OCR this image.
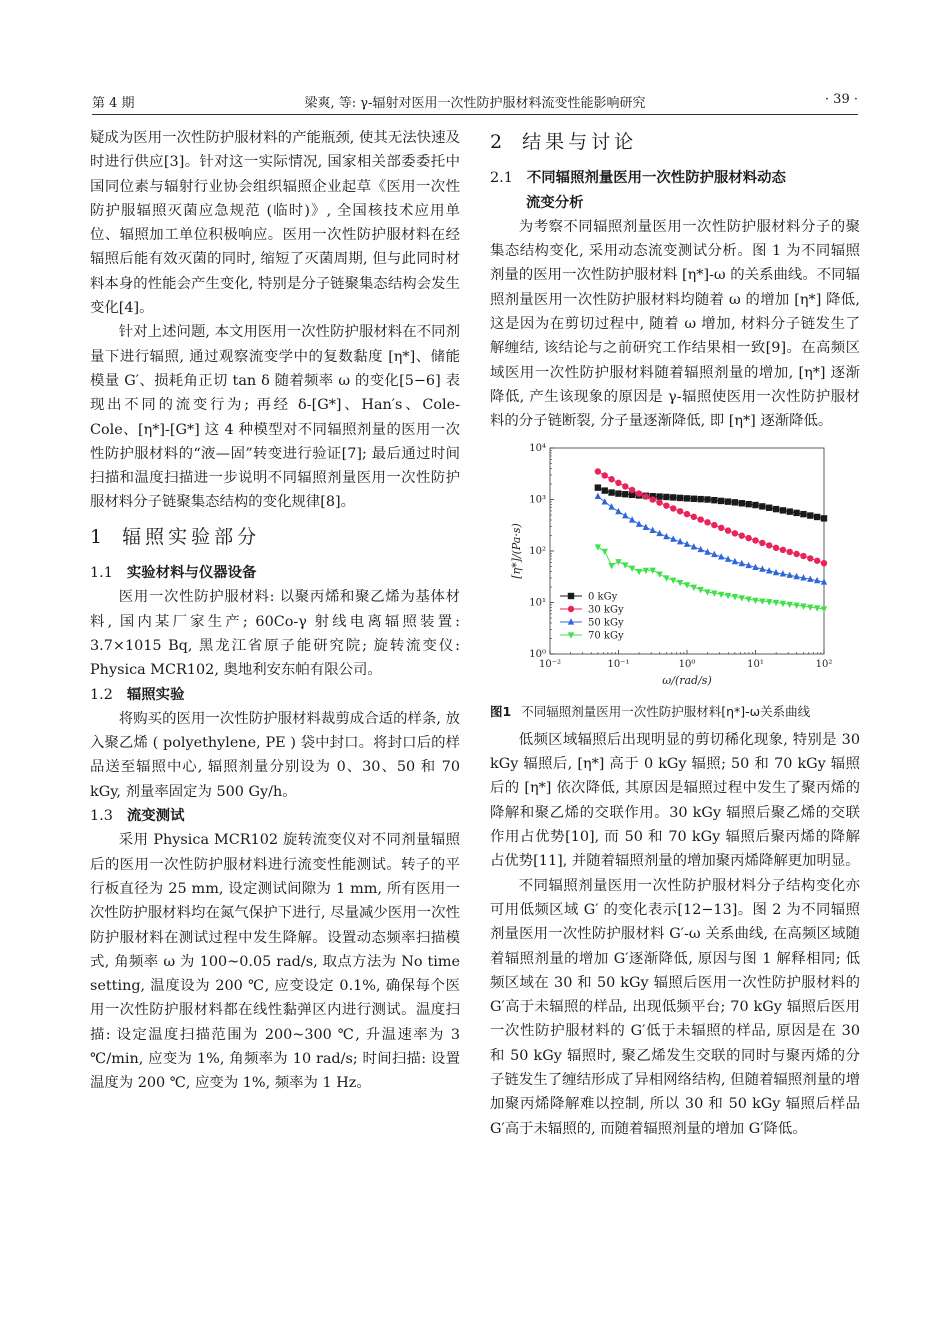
第 4 期	梁爽, 等: γ-辐射对医用一次性防护服材料流变性能影响研究	· 39 ·

疑成为医用一次性防护服材料的产能瓶颈, 使其无法快速及时进行供应[3]。针对这一实际情况, 国家相关部委委托中国同位素与辐射行业协会组织辐照企业起草《医用一次性防护服辐照灭菌应急规范 (临时)》, 全国核技术应用单位、辐照加工单位积极响应。医用一次性防护服材料在经辐照后能有效灭菌的同时, 缩短了灭菌周期, 但与此同时材料本身的性能会产生变化, 特别是分子链聚集态结构会发生变化[4]。

针对上述问题, 本文用医用一次性防护服材料在不同剂量下进行辐照, 通过观察流变学中的复数黏度 [η*]、储能模量 G′、损耗角正切 tan δ 随着频率 ω 的变化[5−6] 表现出不同的流变行为; 再经 δ-[G*]、Han′s、Cole-Cole、[η*]-[G*] 这 4 种模型对不同辐照剂量的医用一次性防护服材料的“液—固”转变进行验证[7]; 最后通过时间扫描和温度扫描进一步说明不同辐照剂量医用一次性防护服材料分子链聚集态结构的变化规律[8]。

1 辐照实验部分
1.1 实验材料与仪器设备

医用一次性防护服材料: 以聚丙烯和聚乙烯为基体材料, 国内某厂家生产; 60Co-γ 射线电离辐照装置: 3.7×1015 Bq, 黑龙江省原子能研究院; 旋转流变仪: Physica MCR102, 奥地利安东帕有限公司。

1.2 辐照实验

将购买的医用一次性防护服材料裁剪成合适的样条, 放入聚乙烯 ( polyethylene, PE ) 袋中封口。将封口后的样品送至辐照中心, 辐照剂量分别设为 0、30、50 和 70 kGy, 剂量率固定为 500 Gy/h。

1.3 流变测试

采用 Physica MCR102 旋转流变仪对不同剂量辐照后的医用一次性防护服材料进行流变性能测试。转子的平行板直径为 25 mm, 设定测试间隙为 1 mm, 所有医用一次性防护服材料均在氮气保护下进行, 尽量减少医用一次性防护服材料在测试过程中发生降解。设置动态频率扫描模式, 角频率 ω 为 100~0.05 rad/s, 取点方法为 No time setting, 温度设为 200 ℃, 应变设定 0.1%, 确保每个医用一次性防护服材料都在线性黏弹区内进行测试。温度扫描: 设定温度扫描范围为 200~300 ℃, 升温速率为 3 ℃/min, 应变为 1%, 角频率为 10 rad/s; 时间扫描: 设置温度为 200 ℃, 应变为 1%, 频率为 1 Hz。

2 结果与讨论
2.1 不同辐照剂量医用一次性防护服材料动态
流变分析

为考察不同辐照剂量医用一次性防护服材料分子的聚集态结构变化, 采用动态流变测试分析。图 1 为不同辐照剂量的医用一次性防护服材料 [η*]-ω 的关系曲线。不同辐照剂量医用一次性防护服材料均随着 ω 的增加 [η*] 降低, 这是因为在剪切过程中, 随着 ω 增加, 材料分子链发生了解缠结, 该结论与之前研究工作结果相一致[9]。在高频区域医用一次性防护服材料随着辐照剂量的增加, [η*] 逐渐降低, 产生该现象的原因是 γ-辐照使医用一次性防护服材料的分子链断裂, 分子量逐渐降低, 即 [η*] 逐渐降低。

10⁻²	10⁻¹	10⁰	10¹	10²
10⁰
10¹
10²
10³
10⁴
ω/(rad/s)
[η*]/(Pa·s)
0 kGy
30 kGy
50 kGy
70 kGy
图1 不同辐照剂量医用一次性防护服材料[η*]-ω关系曲线

低频区域辐照后出现明显的剪切稀化现象, 特别是 30 kGy 辐照后, [η*] 高于 0 kGy 辐照; 50 和 70 kGy 辐照后的 [η*] 依次降低, 其原因是辐照过程中发生了聚丙烯的降解和聚乙烯的交联作用。30 kGy 辐照后聚乙烯的交联作用占优势[10], 而 50 和 70 kGy 辐照后聚丙烯的降解占优势[11], 并随着辐照剂量的增加聚丙烯降解更加明显。

不同辐照剂量医用一次性防护服材料分子结构变化亦可用低频区域 G′ 的变化表示[12−13]。图 2 为不同辐照剂量医用一次性防护服材料 G′-ω 关系曲线, 在高频区域随着辐照剂量的增加 G′逐渐降低, 原因与图 1 解释相同; 低频区域在 30 和 50 kGy 辐照后医用一次性防护服材料的 G′高于未辐照的样品, 出现低频平台; 70 kGy 辐照后医用一次性防护服材料的 G′低于未辐照的样品, 原因是在 30 和 50 kGy 辐照时, 聚乙烯发生交联的同时与聚丙烯的分子链发生了缠结形成了异相网络结构, 但随着辐照剂量的增加聚丙烯降解难以控制, 所以 30 和 50 kGy 辐照后样品 G′高于未辐照的, 而随着辐照剂量的增加 G′降低。
